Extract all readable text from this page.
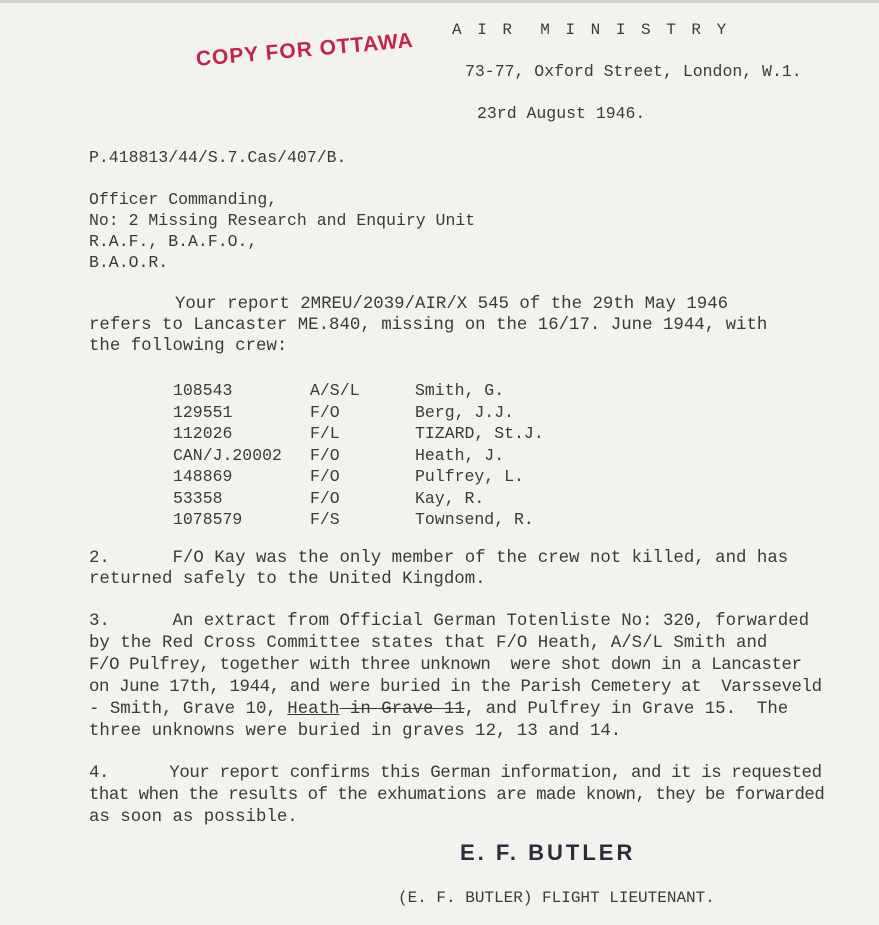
COPY FOR OTTAWA A I R  M I N I S T R Y
73-77, Oxford Street, London, W.1.
23rd August 1946.
P.418813/44/S.7.Cas/407/B.
Officer Commanding,
No: 2 Missing Research and Enquiry Unit
R.A.F., B.A.F.O.,
B.A.O.R.
Your report 2MREU/2039/AIR/X 545 of the 29th May 1946
refers to Lancaster ME.840, missing on the 16/17. June 1944, with
the following crew:
108543	A/S/L	Smith, G.
129551	F/O	Berg, J.J.
112026	F/L	TIZARD, St.J.
CAN/J.20002 F/O	Heath, J.
148869	F/O	Pulfrey, L.
53358	F/O	Kay, R.
1078579	F/S	Townsend, R.
2.      F/O Kay was the only member of the crew not killed, and has
returned safely to the United Kingdom.
3.      An extract from Official German Totenliste No: 320, forwarded
by the Red Cross Committee states that F/O Heath, A/S/L Smith and
F/O Pulfrey, together with three unknown  were shot down in a Lancaster
on June 17th, 1944, and were buried in the Parish Cemetery at  Varsseveld
- Smith, Grave 10, Heath in Grave 11, and Pulfrey in Grave 15.  The
three unknowns were buried in graves 12, 13 and 14.
4.      Your report confirms this German information, and it is requested
that when the results of the exhumations are made known, they be forwarded
as soon as possible.
E. F. BUTLER
(E. F. BUTLER) FLIGHT LIEUTENANT.
